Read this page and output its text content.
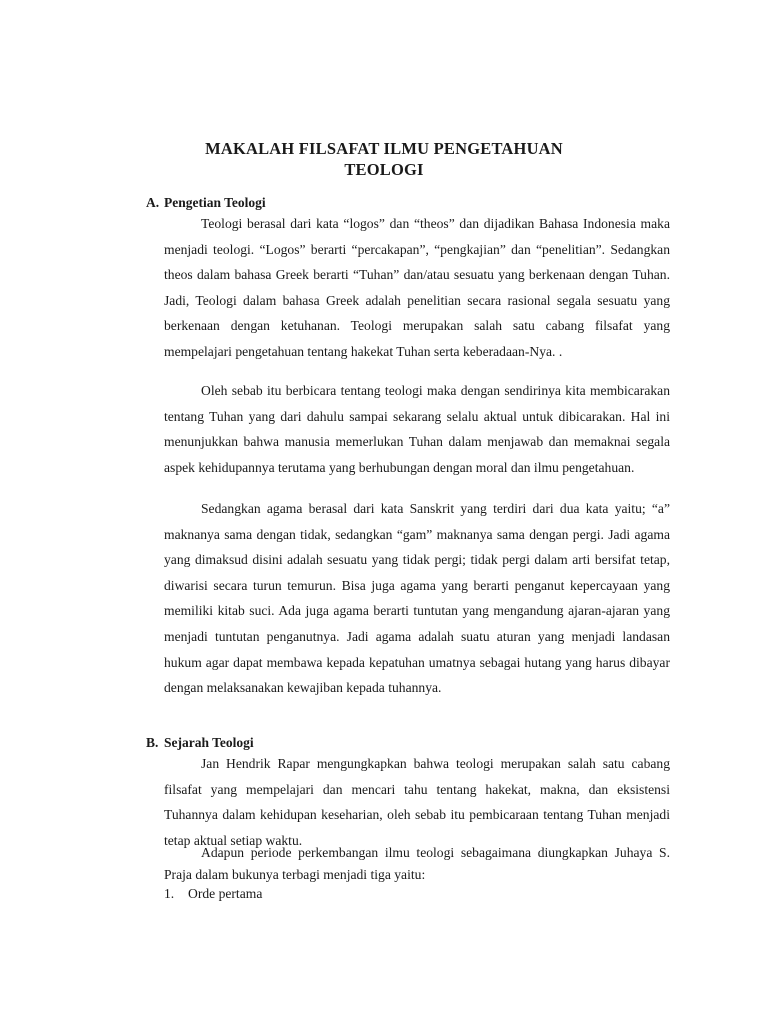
MAKALAH FILSAFAT ILMU PENGETAHUAN
TEOLOGI
A. Pengetian Teologi

Teologi berasal dari kata “logos” dan “theos” dan dijadikan Bahasa Indonesia maka menjadi teologi. “Logos” berarti “percakapan”, “pengkajian” dan “penelitian”. Sedangkan theos dalam bahasa Greek berarti “Tuhan” dan/atau sesuatu yang berkenaan dengan Tuhan. Jadi, Teologi dalam bahasa Greek adalah penelitian secara rasional segala sesuatu yang berkenaan dengan ketuhanan. Teologi merupakan salah satu cabang filsafat yang mempelajari pengetahuan tentang hakekat Tuhan serta keberadaan-Nya. .

Oleh sebab itu berbicara tentang teologi maka dengan sendirinya kita membicarakan tentang Tuhan yang dari dahulu sampai sekarang selalu aktual untuk dibicarakan. Hal ini menunjukkan bahwa manusia memerlukan Tuhan dalam menjawab dan memaknai segala aspek kehidupannya terutama yang berhubungan dengan moral dan ilmu pengetahuan.

Sedangkan agama berasal dari kata Sanskrit yang terdiri dari dua kata yaitu; “a” maknanya sama dengan tidak, sedangkan “gam” maknanya sama dengan pergi. Jadi agama yang dimaksud disini adalah sesuatu yang tidak pergi; tidak pergi dalam arti bersifat tetap, diwarisi secara turun temurun. Bisa juga agama yang berarti penganut kepercayaan yang memiliki kitab suci. Ada juga agama berarti tuntutan yang mengandung ajaran-ajaran yang menjadi tuntutan penganutnya. Jadi agama adalah suatu aturan yang menjadi landasan hukum agar dapat membawa kepada kepatuhan umatnya sebagai hutang yang harus dibayar dengan melaksanakan kewajiban kepada tuhannya.

B. Sejarah Teologi

Jan Hendrik Rapar mengungkapkan bahwa teologi merupakan salah satu cabang filsafat yang mempelajari dan mencari tahu tentang hakekat, makna, dan eksistensi Tuhannya dalam kehidupan keseharian, oleh sebab itu pembicaraan tentang Tuhan menjadi tetap aktual setiap waktu.

Adapun periode perkembangan ilmu teologi sebagaimana diungkapkan Juhaya S. Praja dalam bukunya terbagi menjadi tiga yaitu:

1. Orde pertama
